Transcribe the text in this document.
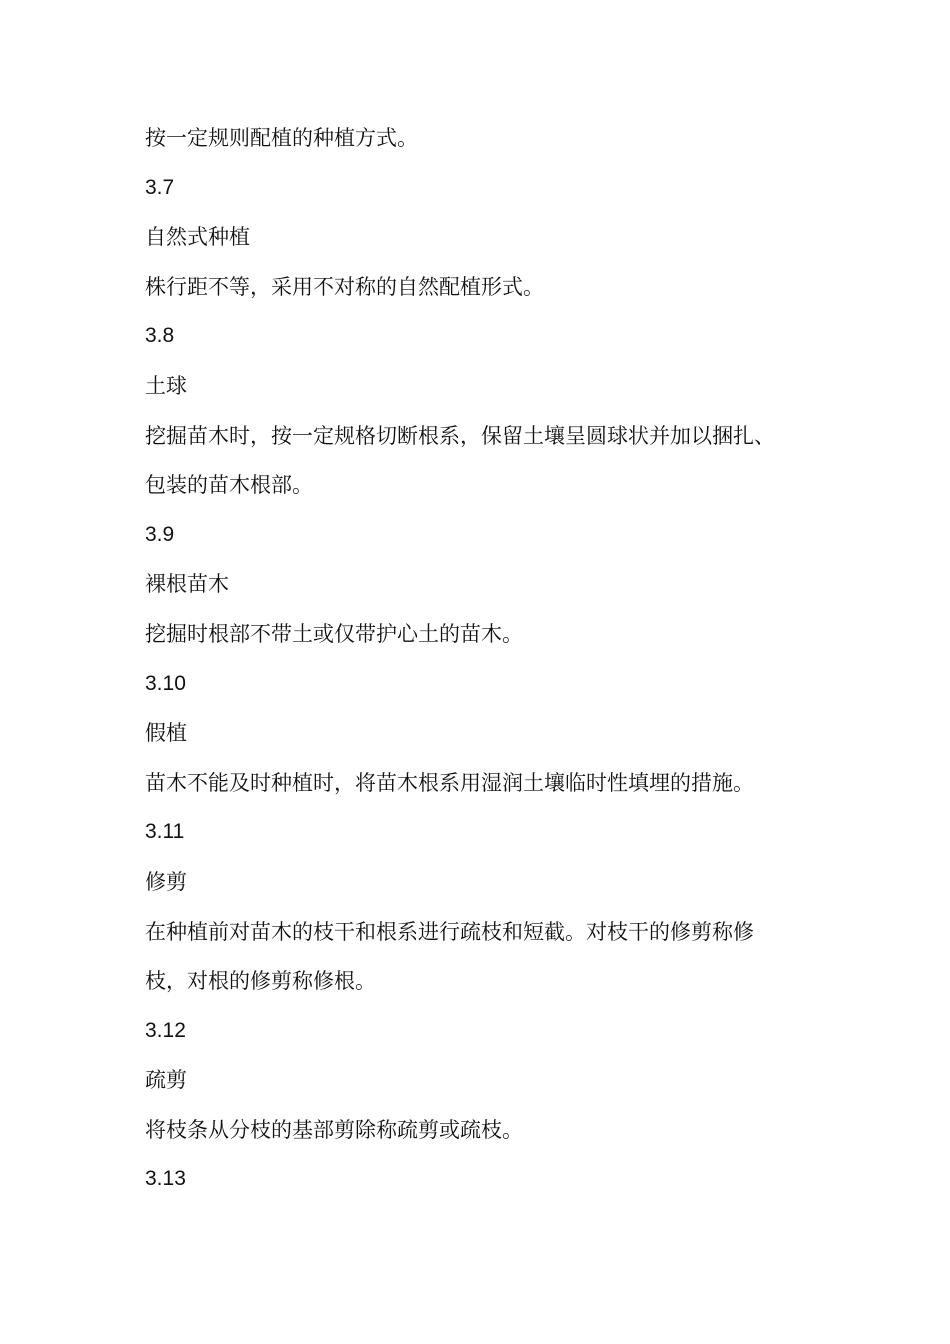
按一定规则配植的种植方式。

3.7

自然式种植

株行距不等，采用不对称的自然配植形式。

3.8

土球

挖掘苗木时，按一定规格切断根系，保留土壤呈圆球状并加以捆扎、

包装的苗木根部。

3.9

裸根苗木

挖掘时根部不带土或仅带护心土的苗木。

3.10

假植

苗木不能及时种植时，将苗木根系用湿润土壤临时性填埋的措施。

3.11

修剪

在种植前对苗木的枝干和根系进行疏枝和短截。对枝干的修剪称修

枝，对根的修剪称修根。

3.12

疏剪

将枝条从分枝的基部剪除称疏剪或疏枝。

3.13
